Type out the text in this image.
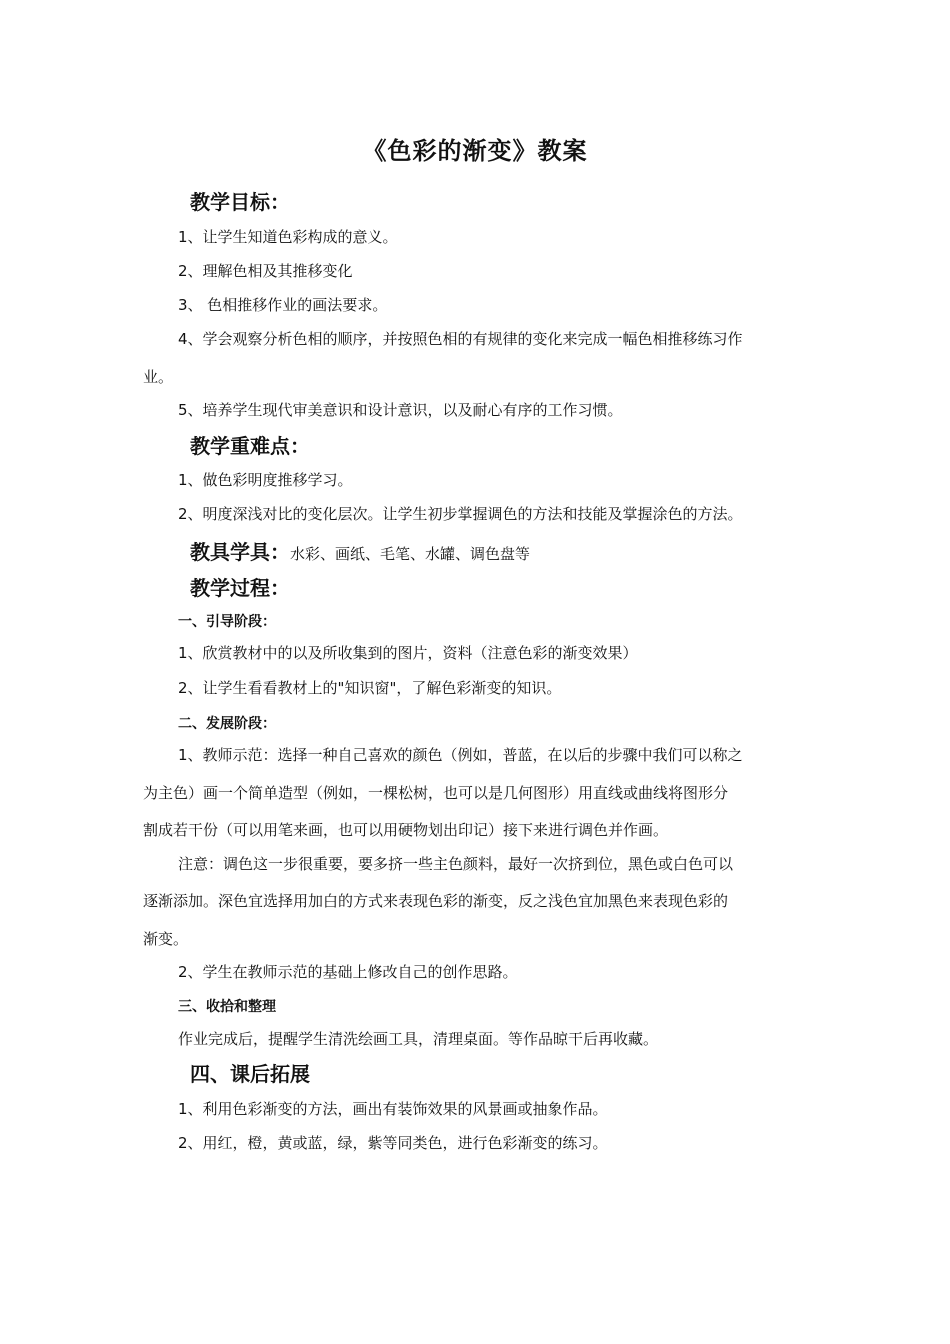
《色彩的渐变》教案
教学目标：
1、让学生知道色彩构成的意义。
2、理解色相及其推移变化
3、 色相推移作业的画法要求。
4、学会观察分析色相的顺序，并按照色相的有规律的变化来完成一幅色相推移练习作
业。
5、培养学生现代审美意识和设计意识，以及耐心有序的工作习惯。
教学重难点：
1、做色彩明度推移学习。
2、明度深浅对比的变化层次。让学生初步掌握调色的方法和技能及掌握涂色的方法。
教具学具：水彩、画纸、毛笔、水罐、调色盘等
教学过程：
一、引导阶段：
1、欣赏教材中的以及所收集到的图片，资料（注意色彩的渐变效果）
2、让学生看看教材上的"知识窗"，了解色彩渐变的知识。
二、发展阶段：
1、教师示范：选择一种自己喜欢的颜色（例如，普蓝，在以后的步骤中我们可以称之
为主色）画一个简单造型（例如，一棵松树，也可以是几何图形）用直线或曲线将图形分
割成若干份（可以用笔来画，也可以用硬物划出印记）接下来进行调色并作画。
注意：调色这一步很重要，要多挤一些主色颜料，最好一次挤到位，黑色或白色可以
逐渐添加。深色宜选择用加白的方式来表现色彩的渐变，反之浅色宜加黑色来表现色彩的
渐变。
2、学生在教师示范的基础上修改自己的创作思路。
三、收拾和整理
作业完成后，提醒学生清洗绘画工具，清理桌面。等作品晾干后再收藏。
四、课后拓展
1、利用色彩渐变的方法，画出有装饰效果的风景画或抽象作品。
2、用红，橙，黄或蓝，绿，紫等同类色，进行色彩渐变的练习。
